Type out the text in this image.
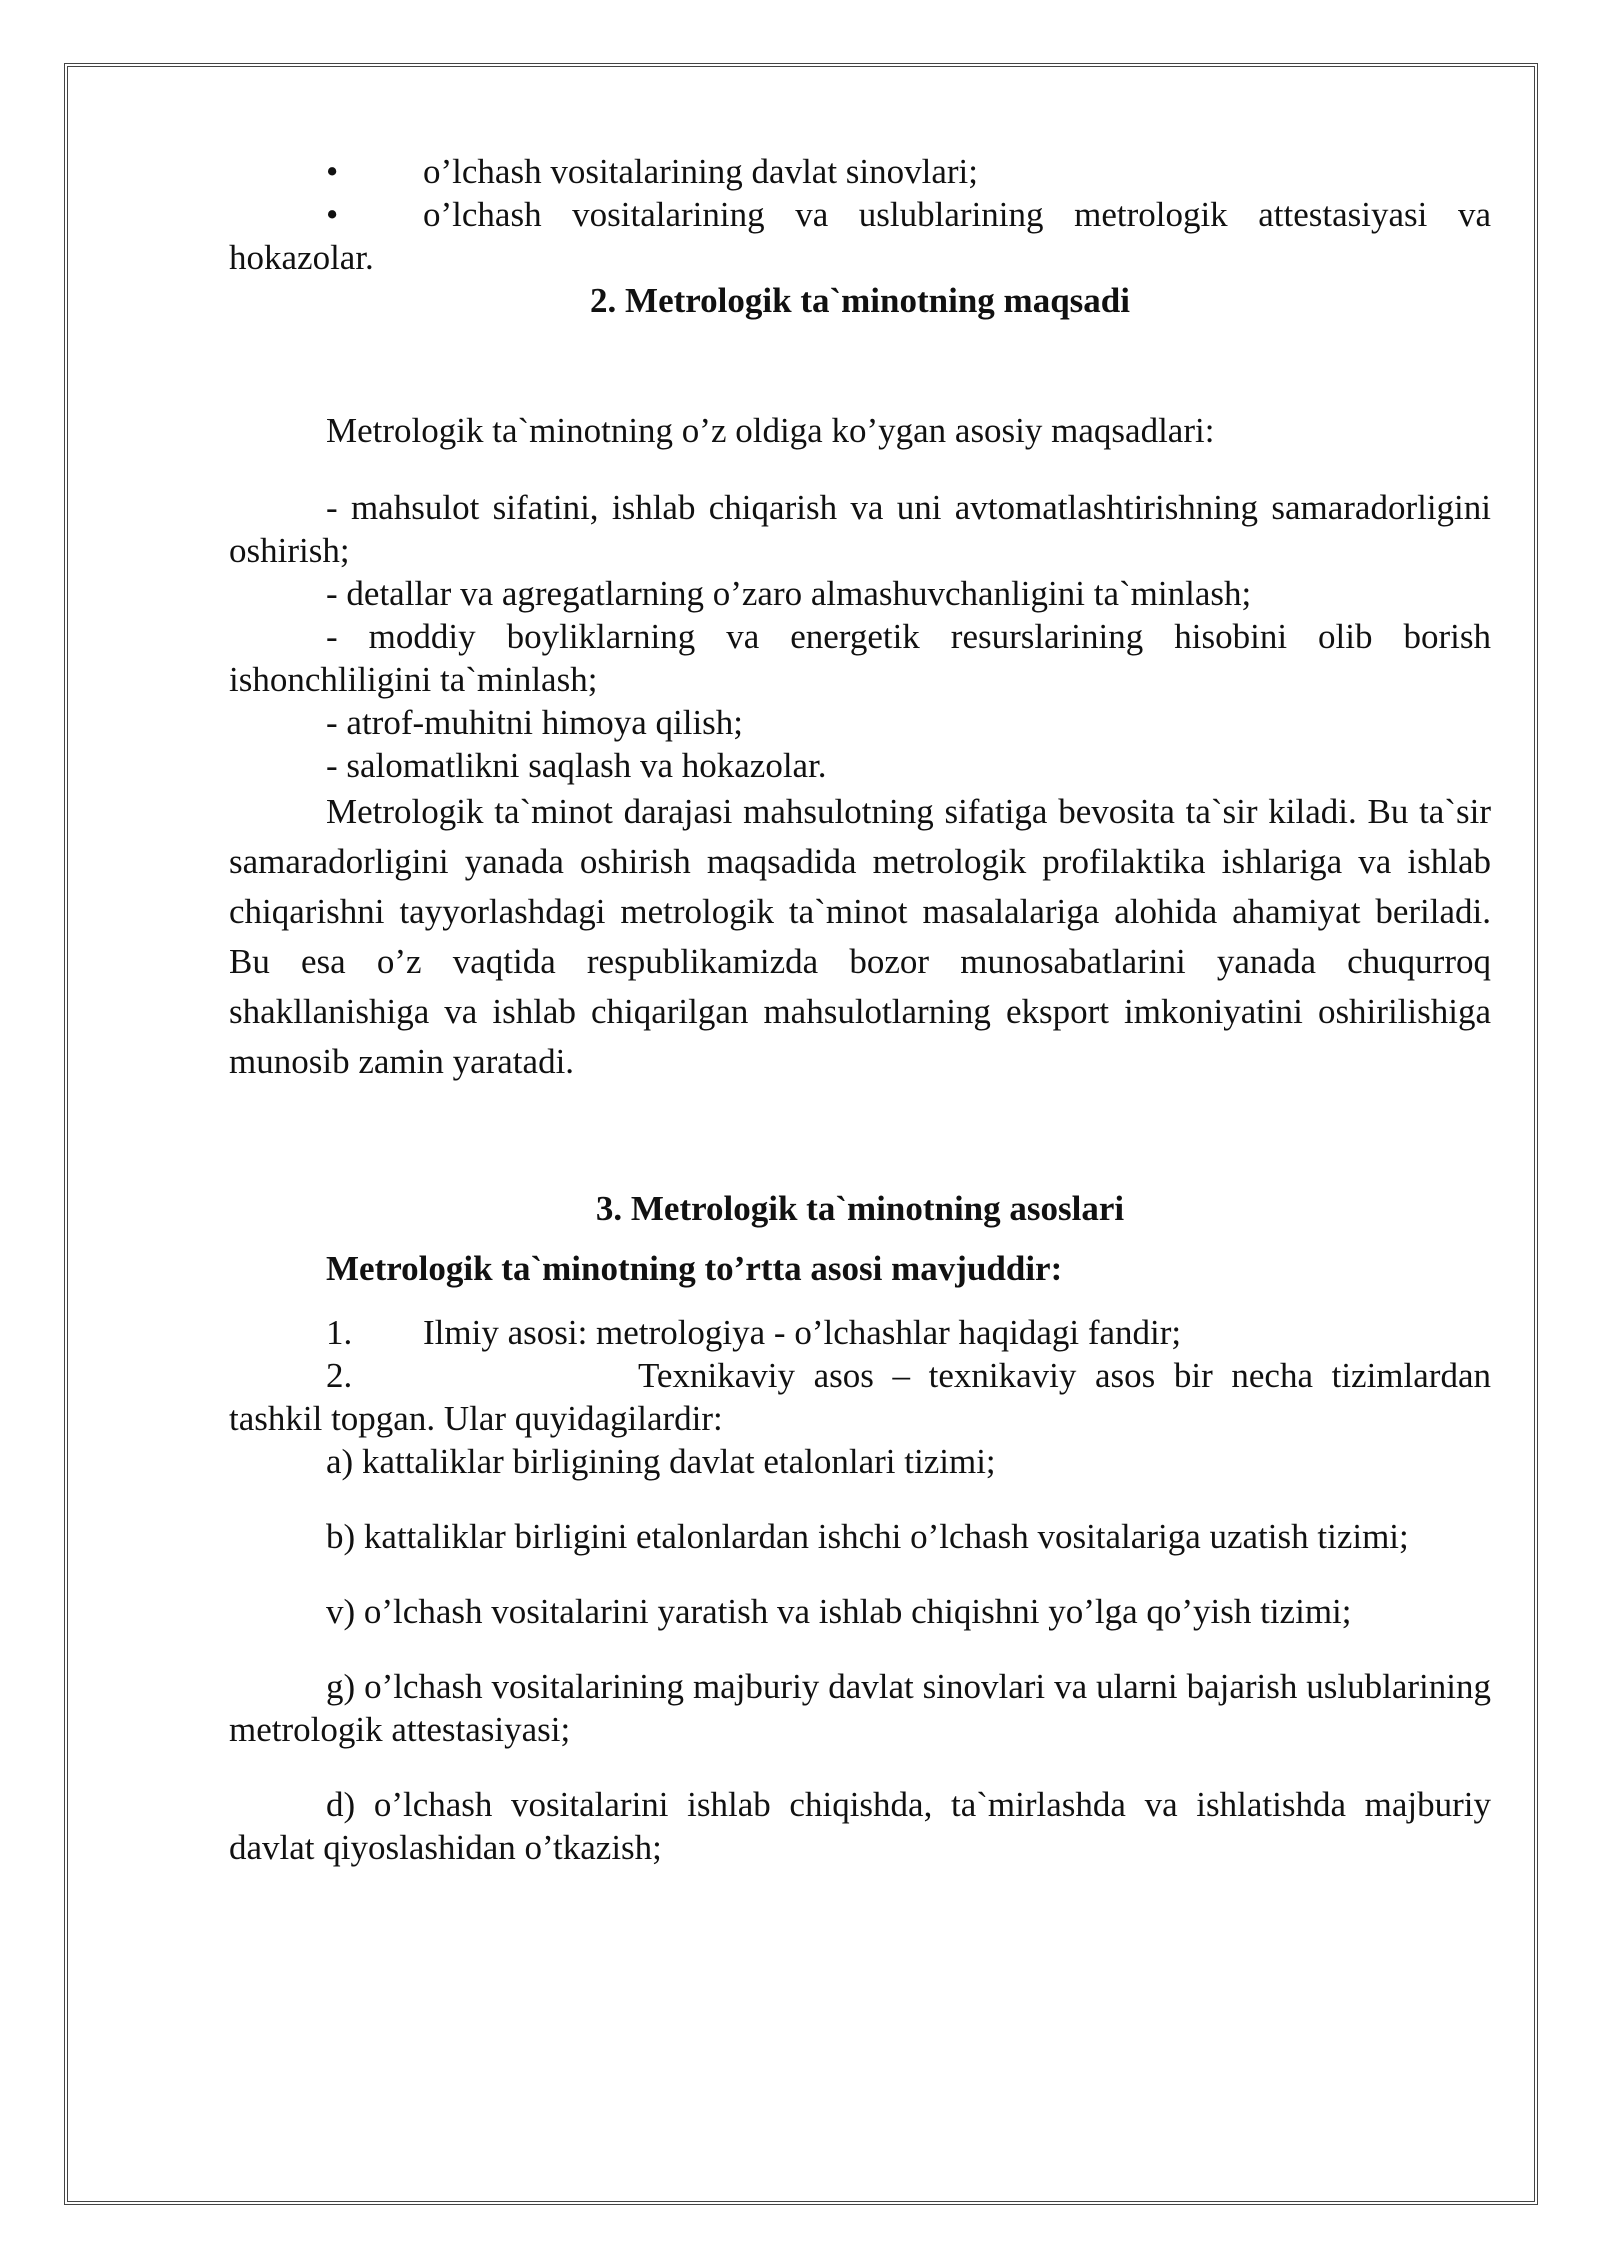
•	o’lchash vositalarining davlat sinovlari;
•	o’lchash vositalarining va uslublarining metrologik attestasiyasi va

hokazolar.

2. Metrologik ta`minotning maqsadi

Metrologik ta`minotning o’z oldiga ko’ygan asosiy maqsadlari:

- mahsulot sifatini, ishlab chiqarish va uni avtomatlashtirishning samaradorligini oshirish;

- detallar va agregatlarning o’zaro almashuvchanligini ta`minlash;

- moddiy boyliklarning va energetik resurslarining hisobini olib borish ishonchliligini ta`minlash;

- atrof-muhitni himoya qilish;

- salomatlikni saqlash va hokazolar.

Metrologik ta`minot darajasi mahsulotning sifatiga bevosita ta`sir kiladi. Bu ta`sir samaradorligini yanada oshirish maqsadida metrologik profilaktika ishlariga va ishlab chiqarishni tayyorlashdagi metrologik ta`minot masalalariga alohida ahamiyat beriladi. Bu esa o’z vaqtida respublikamizda bozor munosabatlarini yanada chuqurroq shakllanishiga va ishlab chiqarilgan mahsulotlarning eksport imkoniyatini oshirilishiga munosib zamin yaratadi.

3. Metrologik ta`minotning asoslari

Metrologik ta`minotning to’rtta asosi mavjuddir:

1.	Ilmiy asosi: metrologiya - o’lchashlar haqidagi fandir;
2.	Texnikaviy asos – texnikaviy asos bir necha tizimlardan

tashkil topgan. Ular quyidagilardir:

a) kattaliklar birligining davlat etalonlari tizimi;

b) kattaliklar birligini etalonlardan ishchi o’lchash vositalariga uzatish tizimi;

v) o’lchash vositalarini yaratish va ishlab chiqishni yo’lga qo’yish tizimi;

g) o’lchash vositalarining majburiy davlat sinovlari va ularni bajarish uslublarining metrologik attestasiyasi;

d) o’lchash vositalarini ishlab chiqishda, ta`mirlashda va ishlatishda majburiy davlat qiyoslashidan o’tkazish;
